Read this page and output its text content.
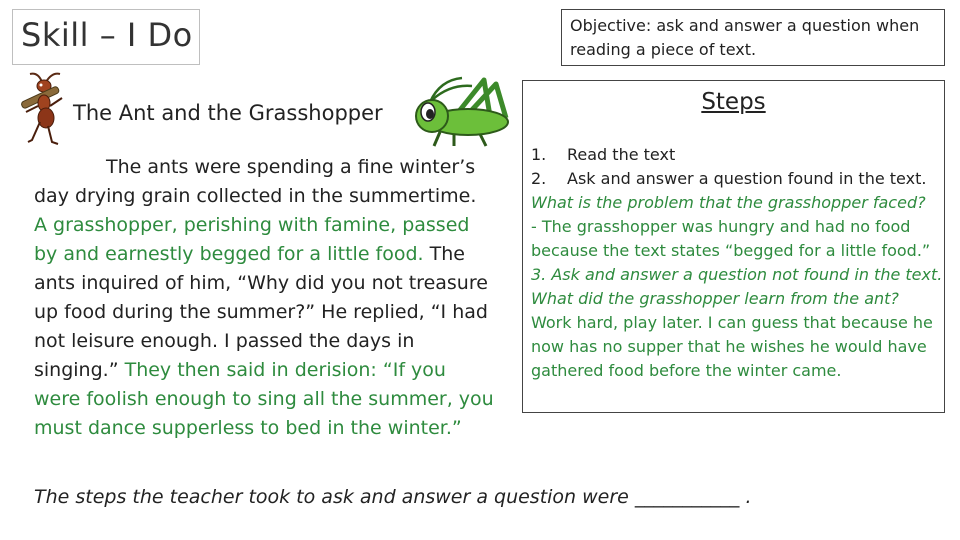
Skill – I Do	Objective: ask and answer a question when reading a piece of text.
The Ant and the Grasshopper
The ants were spending a fine winter’s day drying grain collected in the summertime. A grasshopper, perishing with famine, passed by and earnestly begged for a little food. The ants inquired of him, “Why did you not treasure up food during the summer?” He replied, “I had not leisure enough. I passed the days in singing.” They then said in derision: “If you were foolish enough to sing all the summer, you must dance supperless to bed in the winter.”
Steps
1. Read the text
2. Ask and answer a question found in the text.
What is the problem that the grasshopper faced?
- The grasshopper was hungry and had no food
because the text states “begged for a little food.”
3. Ask and answer a question not found in the text.
What did the grasshopper learn from the ant?
Work hard, play later. I can guess that because he
now has no supper that he wishes he would have
gathered food before the winter came.
The steps the teacher took to ask and answer a question were ___________ .
